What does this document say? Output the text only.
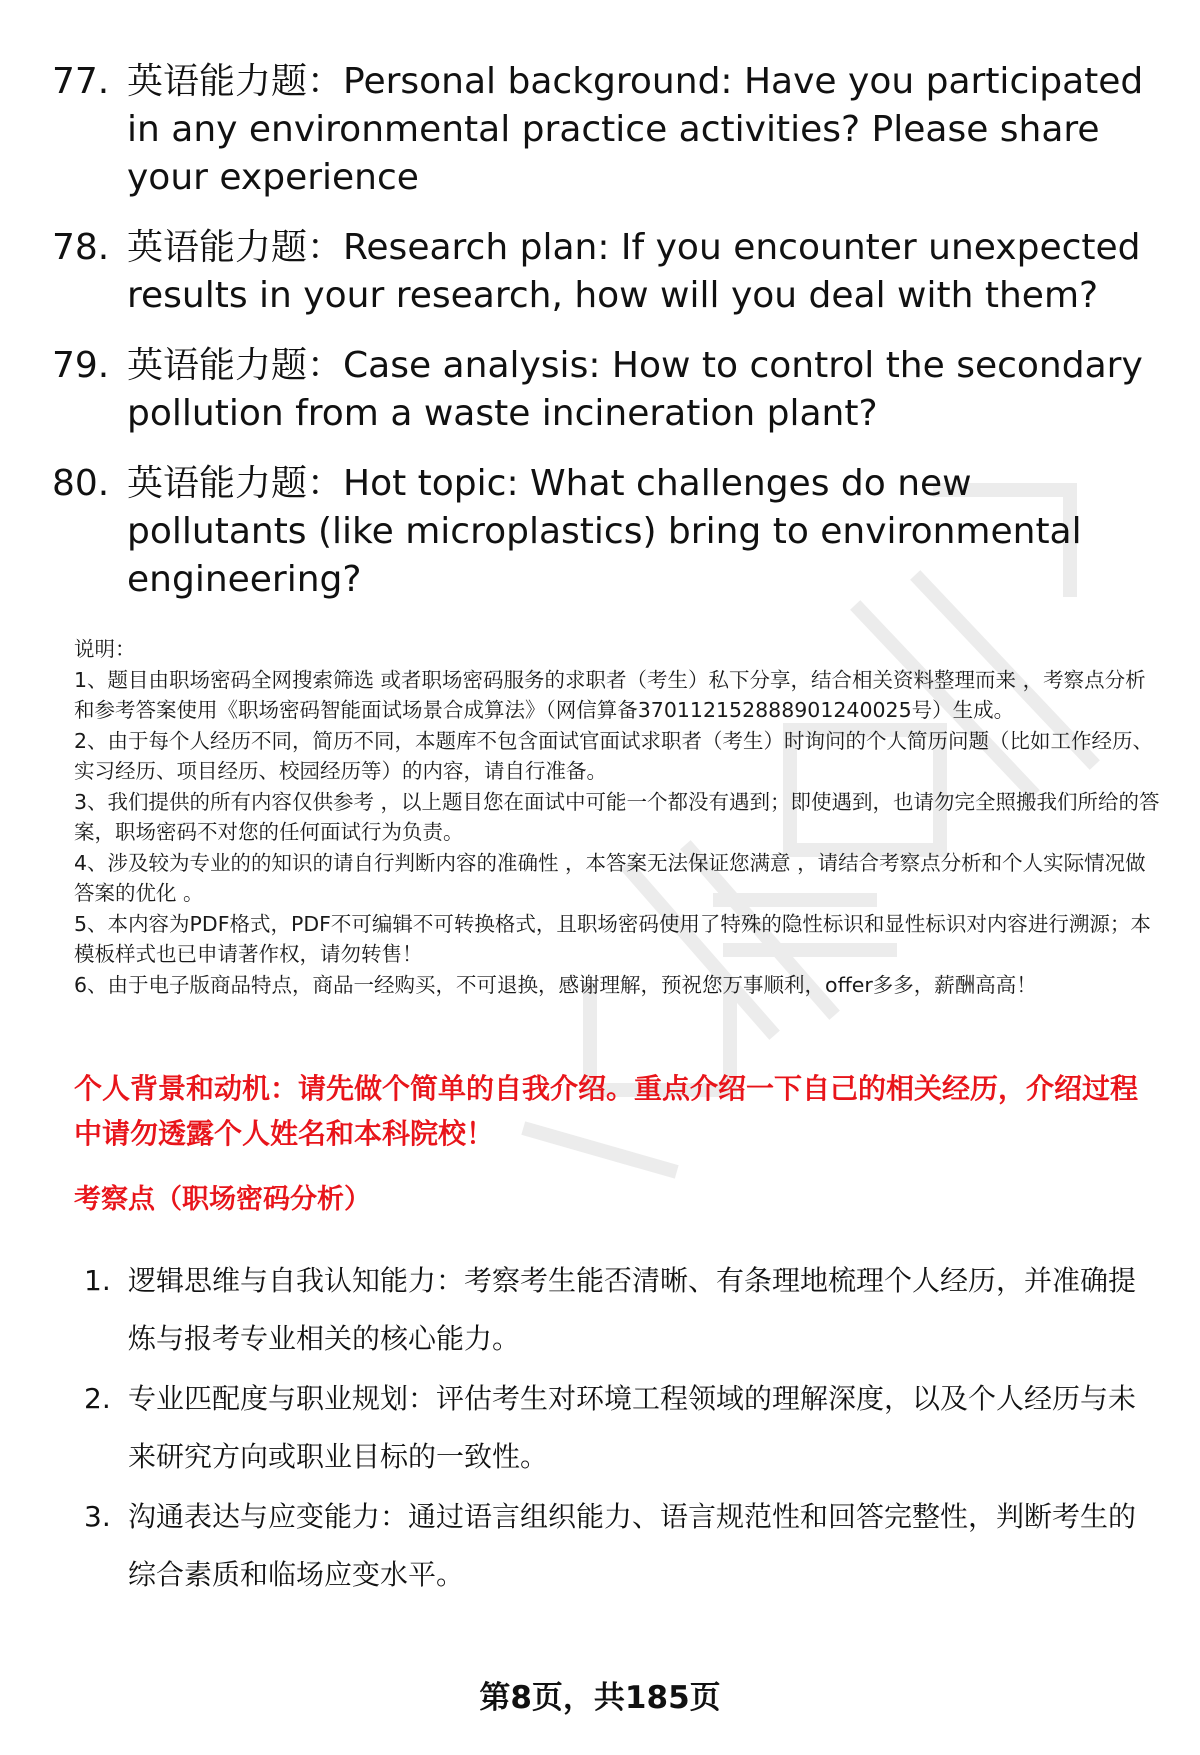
77. 英语能力题：Personal background: Have you participated in any environmental practice activities? Please share your experience
78. 英语能力题：Research plan: If you encounter unexpected results in your research, how will you deal with them?
79. 英语能力题：Case analysis: How to control the secondary pollution from a waste incineration plant?
80. 英语能力题：Hot topic: What challenges do new pollutants (like microplastics) bring to environmental engineering?

说明：

1、题目由职场密码全网搜索筛选 或者职场密码服务的求职者（考生）私下分享，结合相关资料整理而来 ，考察点分析和参考答案使用《职场密码智能面试场景合成算法》（网信算备370112152888901240025号）生成。

2、由于每个人经历不同，简历不同，本题库不包含面试官面试求职者（考生）时询问的个人简历问题（比如工作经历、实习经历、项目经历、校园经历等）的内容，请自行准备。

3、我们提供的所有内容仅供参考 ，以上题目您在面试中可能一个都没有遇到；即使遇到，也请勿完全照搬我们所给的答案，职场密码不对您的任何面试行为负责。

4、涉及较为专业的的知识的请自行判断内容的准确性 ，本答案无法保证您满意 ，请结合考察点分析和个人实际情况做答案的优化 。

5、本内容为PDF格式，PDF不可编辑不可转换格式，且职场密码使用了特殊的隐性标识和显性标识对内容进行溯源；本模板样式也已申请著作权，请勿转售！

6、由于电子版商品特点，商品一经购买，不可退换，感谢理解，预祝您万事顺利，offer多多，薪酬高高！

个人背景和动机：请先做个简单的自我介绍。重点介绍一下自己的相关经历，介绍过程中请勿透露个人姓名和本科院校！
考察点（职场密码分析）
1. 逻辑思维与自我认知能力：考察考生能否清晰、有条理地梳理个人经历，并准确提炼与报考专业相关的核心能力。
2. 专业匹配度与职业规划：评估考生对环境工程领域的理解深度，以及个人经历与未来研究方向或职业目标的一致性。
3. 沟通表达与应变能力：通过语言组织能力、语言规范性和回答完整性，判断考生的综合素质和临场应变水平。
第8页，共185页
